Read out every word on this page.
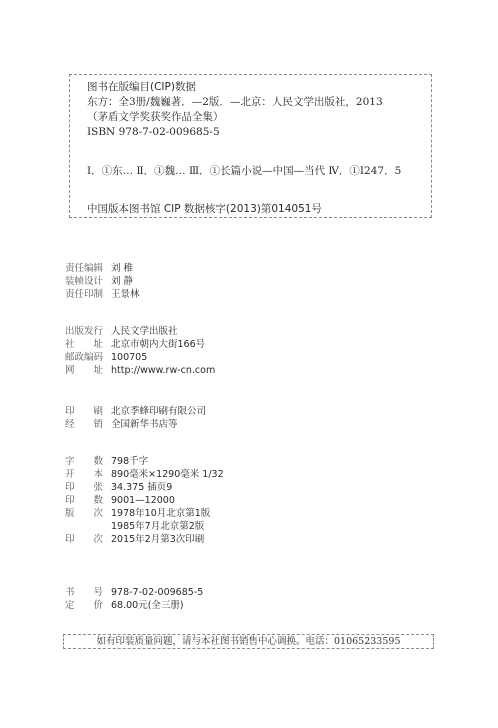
图书在版编目(CIP)数据
东方：全3册/魏巍著．—2版．—北京：人民文学出版社，2013
（茅盾文学奖获奖作品全集）
ISBN 978-7-02-009685-5
Ⅰ．①东… Ⅱ．①魏… Ⅲ．①长篇小说—中国—当代 Ⅳ．①I247．5
中国版本图书馆 CIP 数据核字(2013)第014051号
责任编辑 刘 稚
装帧设计 刘 静
责任印制 王景林
出版发行 人民文学出版社
社 址 北京市朝内大街166号
邮政编码 100705
网 址 http://www.rw-cn.com
印 刷 北京季蜂印刷有限公司
经 销 全国新华书店等
字 数 798千字
开 本 890毫米×1290毫米 1/32
印 张 34.375 插页9
印 数 9001—12000
版 次 1978年10月北京第1版
1985年7月北京第2版
印 次 2015年2月第3次印刷
书 号 978-7-02-009685-5
定 价 68.00元(全三册)
如有印装质量问题，请与本社图书销售中心调换。电话：01065233595
